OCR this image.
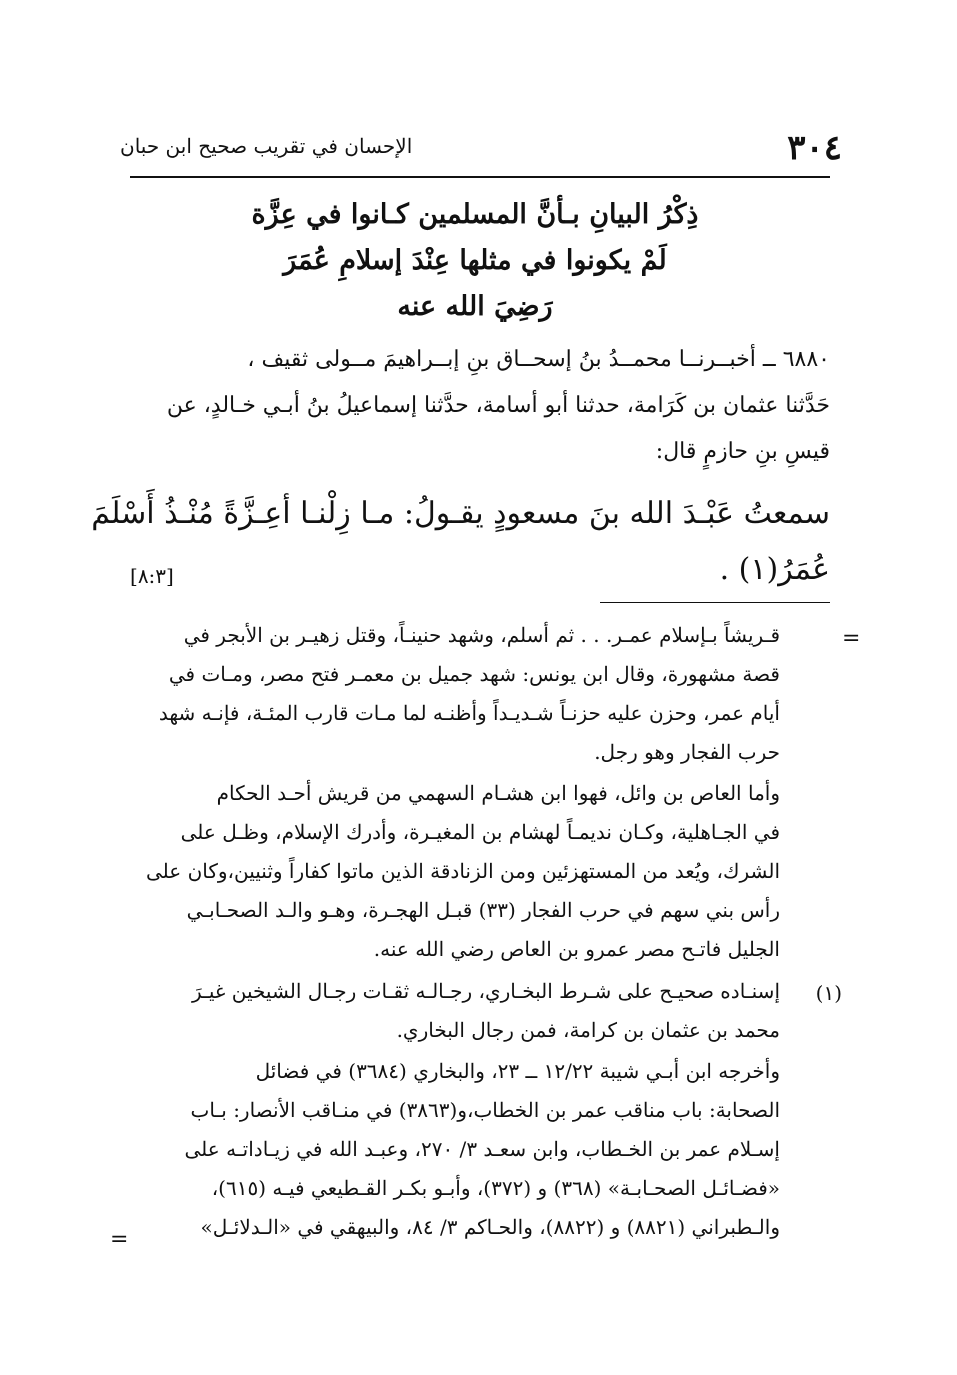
٣٠٤
الإحسان في تقريب صحيح ابن حبان
ذِكْرُ البيانِ بـأنَّ المسلمين كـانوا في عِزَّة
لَمْ يكونوا في مثلها عِنْدَ إسلامِ عُمَرَ
رَضِيَ الله عنه
٦٨٨٠ ــ أخبــرنــا محمــدُ بنُ إسحــاق بنِ إبــراهيمَ مــولى ثقيف ،
حَدَّثنا عثمان بن كَرَامة، حدثنا أبو أسامة، حدَّثنا إسماعيلُ بنُ أبـي خـالدٍ، عن
قيسِ بنِ حازمٍ قال:
سمعتُ عَبْـدَ الله بنَ مسعودٍ يقـولُ: مـا زِلْنـا أعِـزَّةً مُنْـذُ أَسْلَمَ
عُمَرُ(١) .
[٨:٣]
=
قـريشاً بـإسلام عمـر. . . ثم أسلم، وشهد حنينـاً، وقتل زهيـر بن الأبجر في
قصة مشهورة، وقال ابن يونس: شهد جميل بن معمـر فتح مصر، ومـات في
أيام عمر، وحزن عليه حزنـاً شـديـداً وأظنـه لما مـات قارب المئـة، فإنـه شهد
حرب الفجار وهو رجل.
وأما العاص بن وائل، فهوا ابن هشـام السهمي من قريش أحـد الحكام
في الجـاهلية، وكـان نديمـاً لهشام بن المغيـرة، وأدرك الإسلام، وظـل على
الشرك، ويُعد من المستهزئين ومن الزنادقة الذين ماتوا كفاراً وثنيين،وكان على
رأس بني سهم في حرب الفجار (٣٣) قبـل الهجـرة، وهـو والـد الصحـابـي
الجليل فاتـح مصر عمرو بن العاص رضي الله عنه.
(١)
إسنـاده صحيـح على شـرط البخـاري، رجـالـه ثقـات رجـال الشيخين غيـرَ
محمد بن عثمان بن كرامة، فمن رجال البخاري.
وأخرجه ابن أبـي شيبة ١٢/٢٢ ــ ٢٣، والبخاري (٣٦٨٤) في فضائل
الصحابة: باب مناقب عمر بن الخطاب،و(٣٨٦٣) في منـاقب الأنصار: بـاب
إسـلام عمر بن الخـطاب، وابن سعـد ٣/ ٢٧٠، وعبـد الله في زيـاداتـه على
«فضـائـل الصحـابـة» (٣٦٨) و (٣٧٢)، وأبـو بكـر القـطيعي فيـه (٦١٥)،
والـطبراني (٨٨٢١) و (٨٨٢٢)، والحـاكم ٣/ ٨٤، والبيهقي في «الـدلائـل»
=
